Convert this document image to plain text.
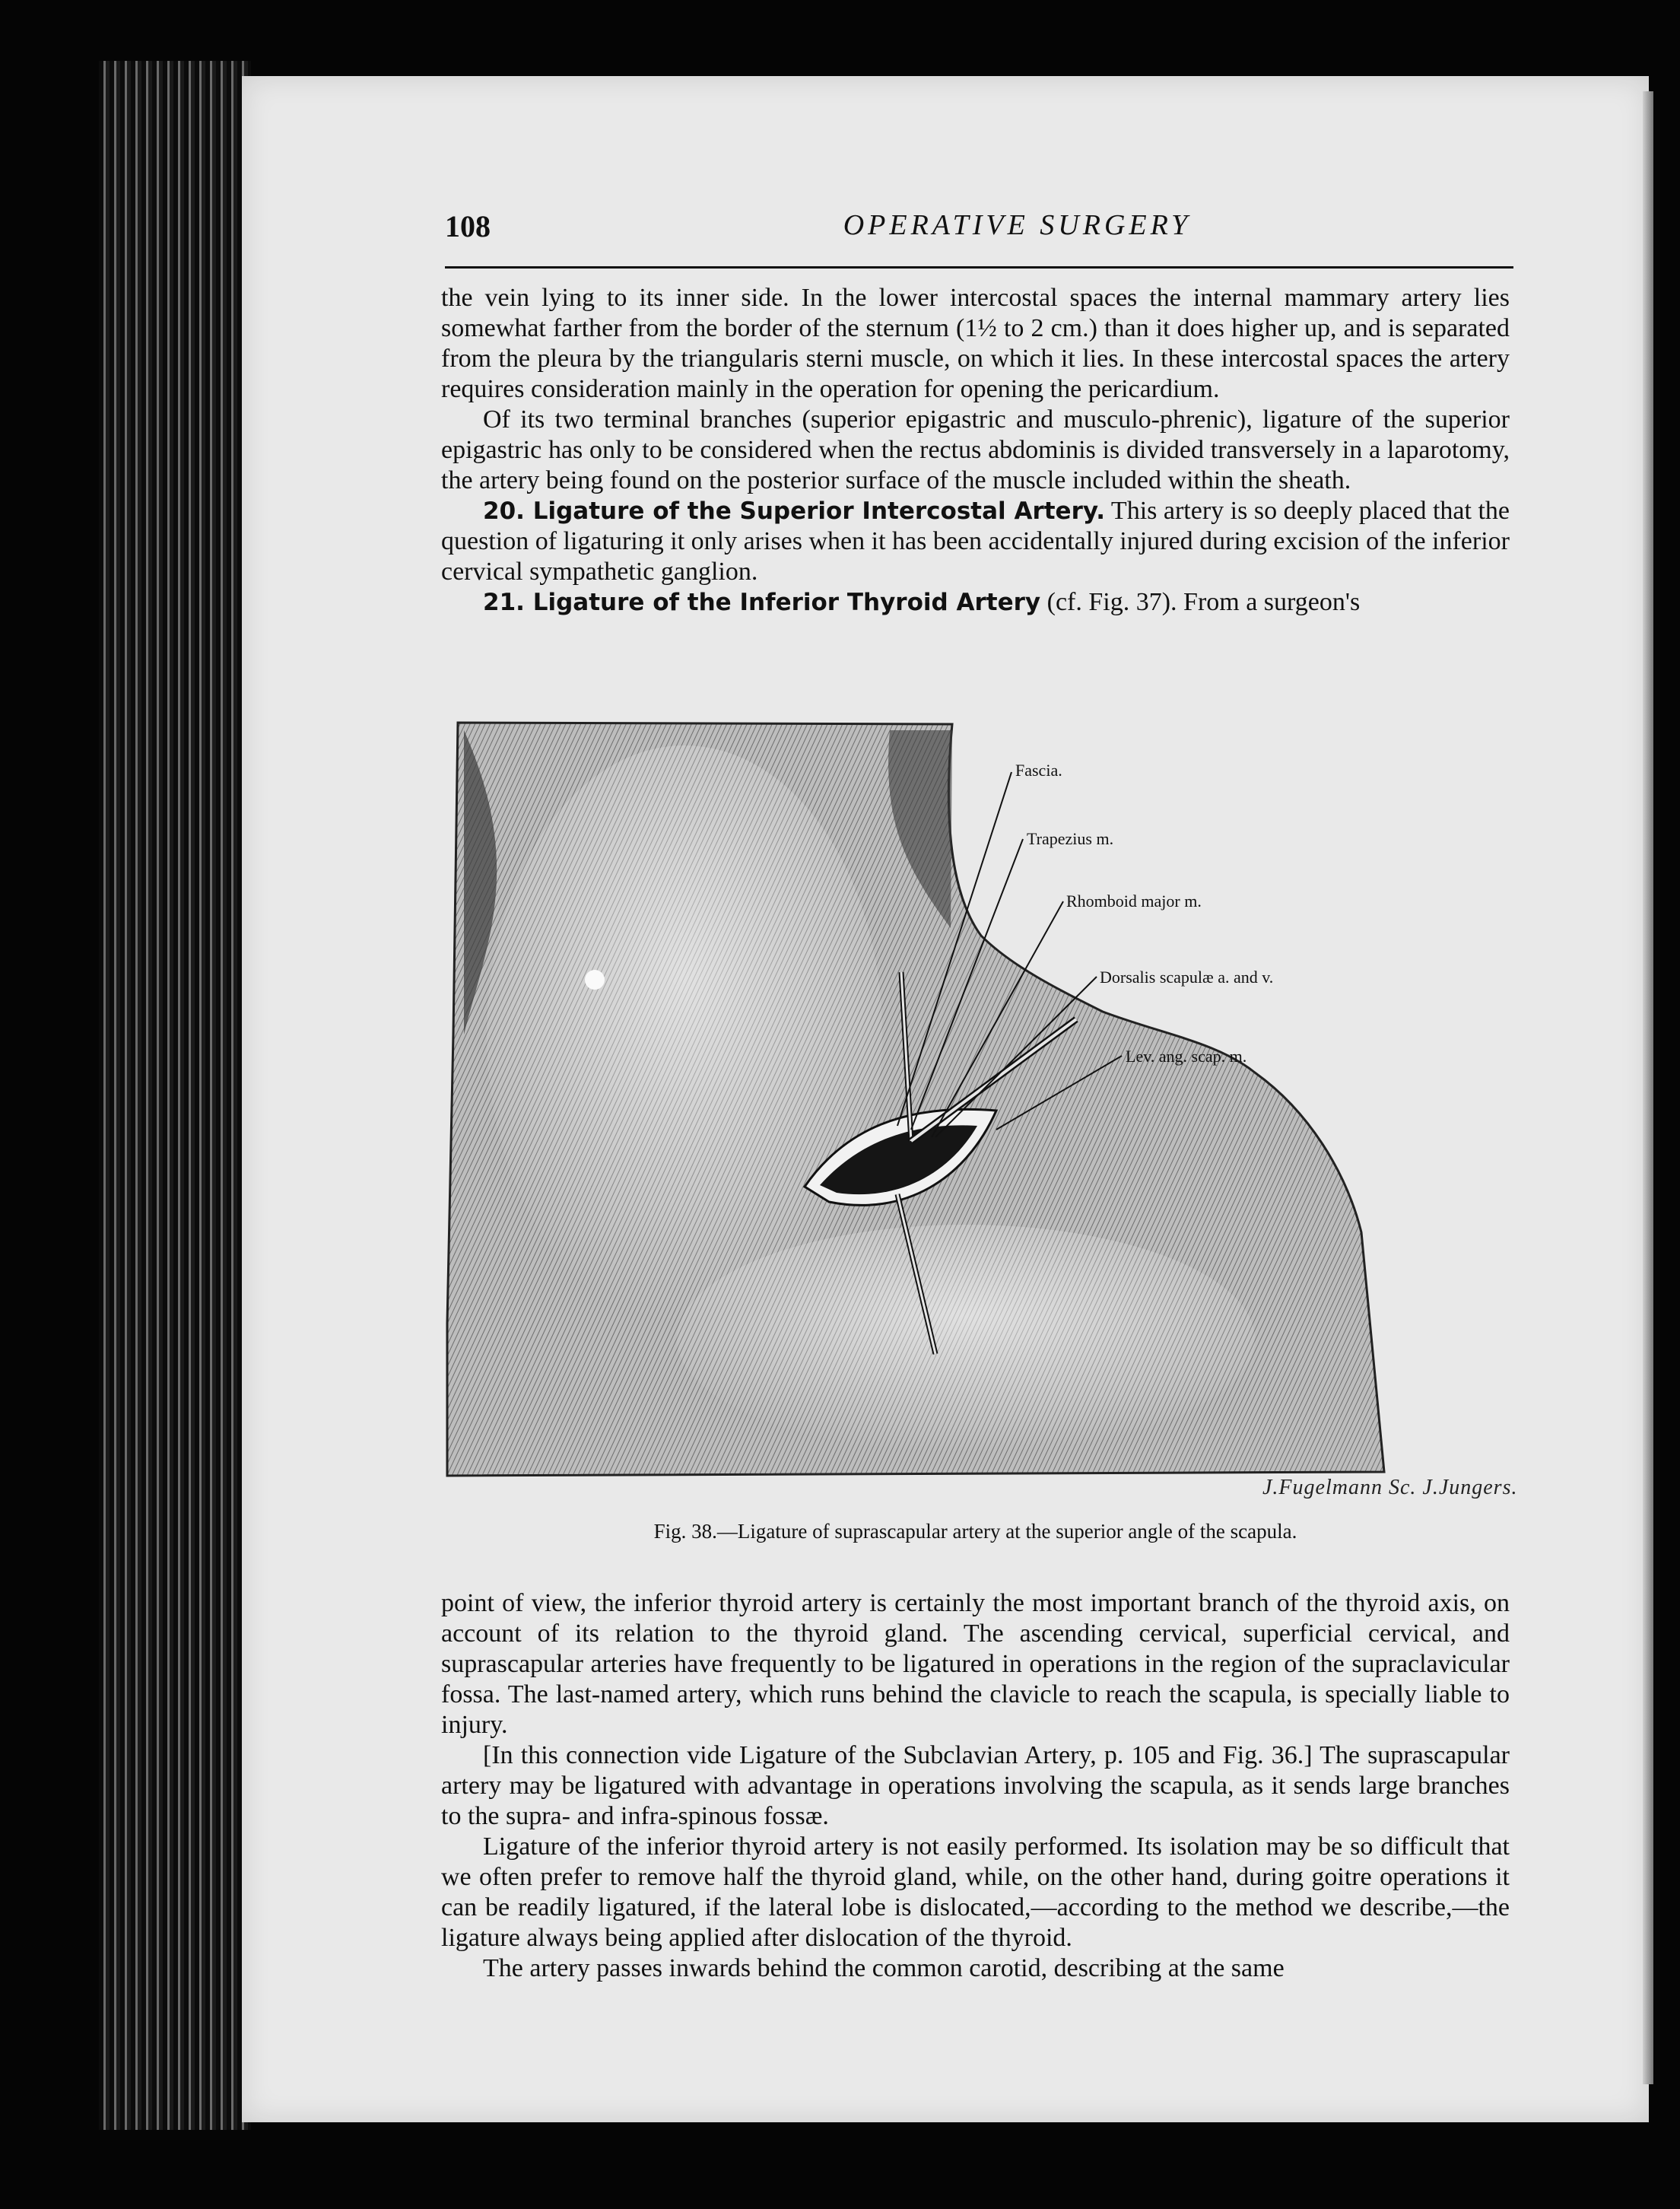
108	OPERATIVE SURGERY

the vein lying to its inner side. In the lower intercostal spaces the internal mammary artery lies somewhat farther from the border of the sternum (1½ to 2 cm.) than it does higher up, and is separated from the pleura by the triangularis sterni muscle, on which it lies. In these intercostal spaces the artery requires consideration mainly in the operation for opening the pericardium.

Of its two terminal branches (superior epigastric and musculo-phrenic), ligature of the superior epigastric has only to be considered when the rectus abdominis is divided transversely in a laparotomy, the artery being found on the posterior surface of the muscle included within the sheath.

20. Ligature of the Superior Intercostal Artery. This artery is so deeply placed that the question of ligaturing it only arises when it has been accidentally injured during excision of the inferior cervical sympathetic ganglion.

21. Ligature of the Inferior Thyroid Artery (cf. Fig. 37). From a surgeon's

Fascia.
Trapezius m.
Rhomboid major m.
Dorsalis scapulæ a. and v.
Lev. ang. scap. m.
J.Fugelmann Sc. J.Jungers.
Fig. 38.—Ligature of suprascapular artery at the superior angle of the scapula.

point of view, the inferior thyroid artery is certainly the most important branch of the thyroid axis, on account of its relation to the thyroid gland. The ascending cervical, superficial cervical, and suprascapular arteries have frequently to be ligatured in operations in the region of the supraclavicular fossa. The last-named artery, which runs behind the clavicle to reach the scapula, is specially liable to injury.

[In this connection vide Ligature of the Subclavian Artery, p. 105 and Fig. 36.] The suprascapular artery may be ligatured with advantage in operations involving the scapula, as it sends large branches to the supra- and infra-spinous fossæ.

Ligature of the inferior thyroid artery is not easily performed. Its isolation may be so difficult that we often prefer to remove half the thyroid gland, while, on the other hand, during goitre operations it can be readily ligatured, if the lateral lobe is dislocated,—according to the method we describe,—the ligature always being applied after dislocation of the thyroid.

The artery passes inwards behind the common carotid, describing at the same
